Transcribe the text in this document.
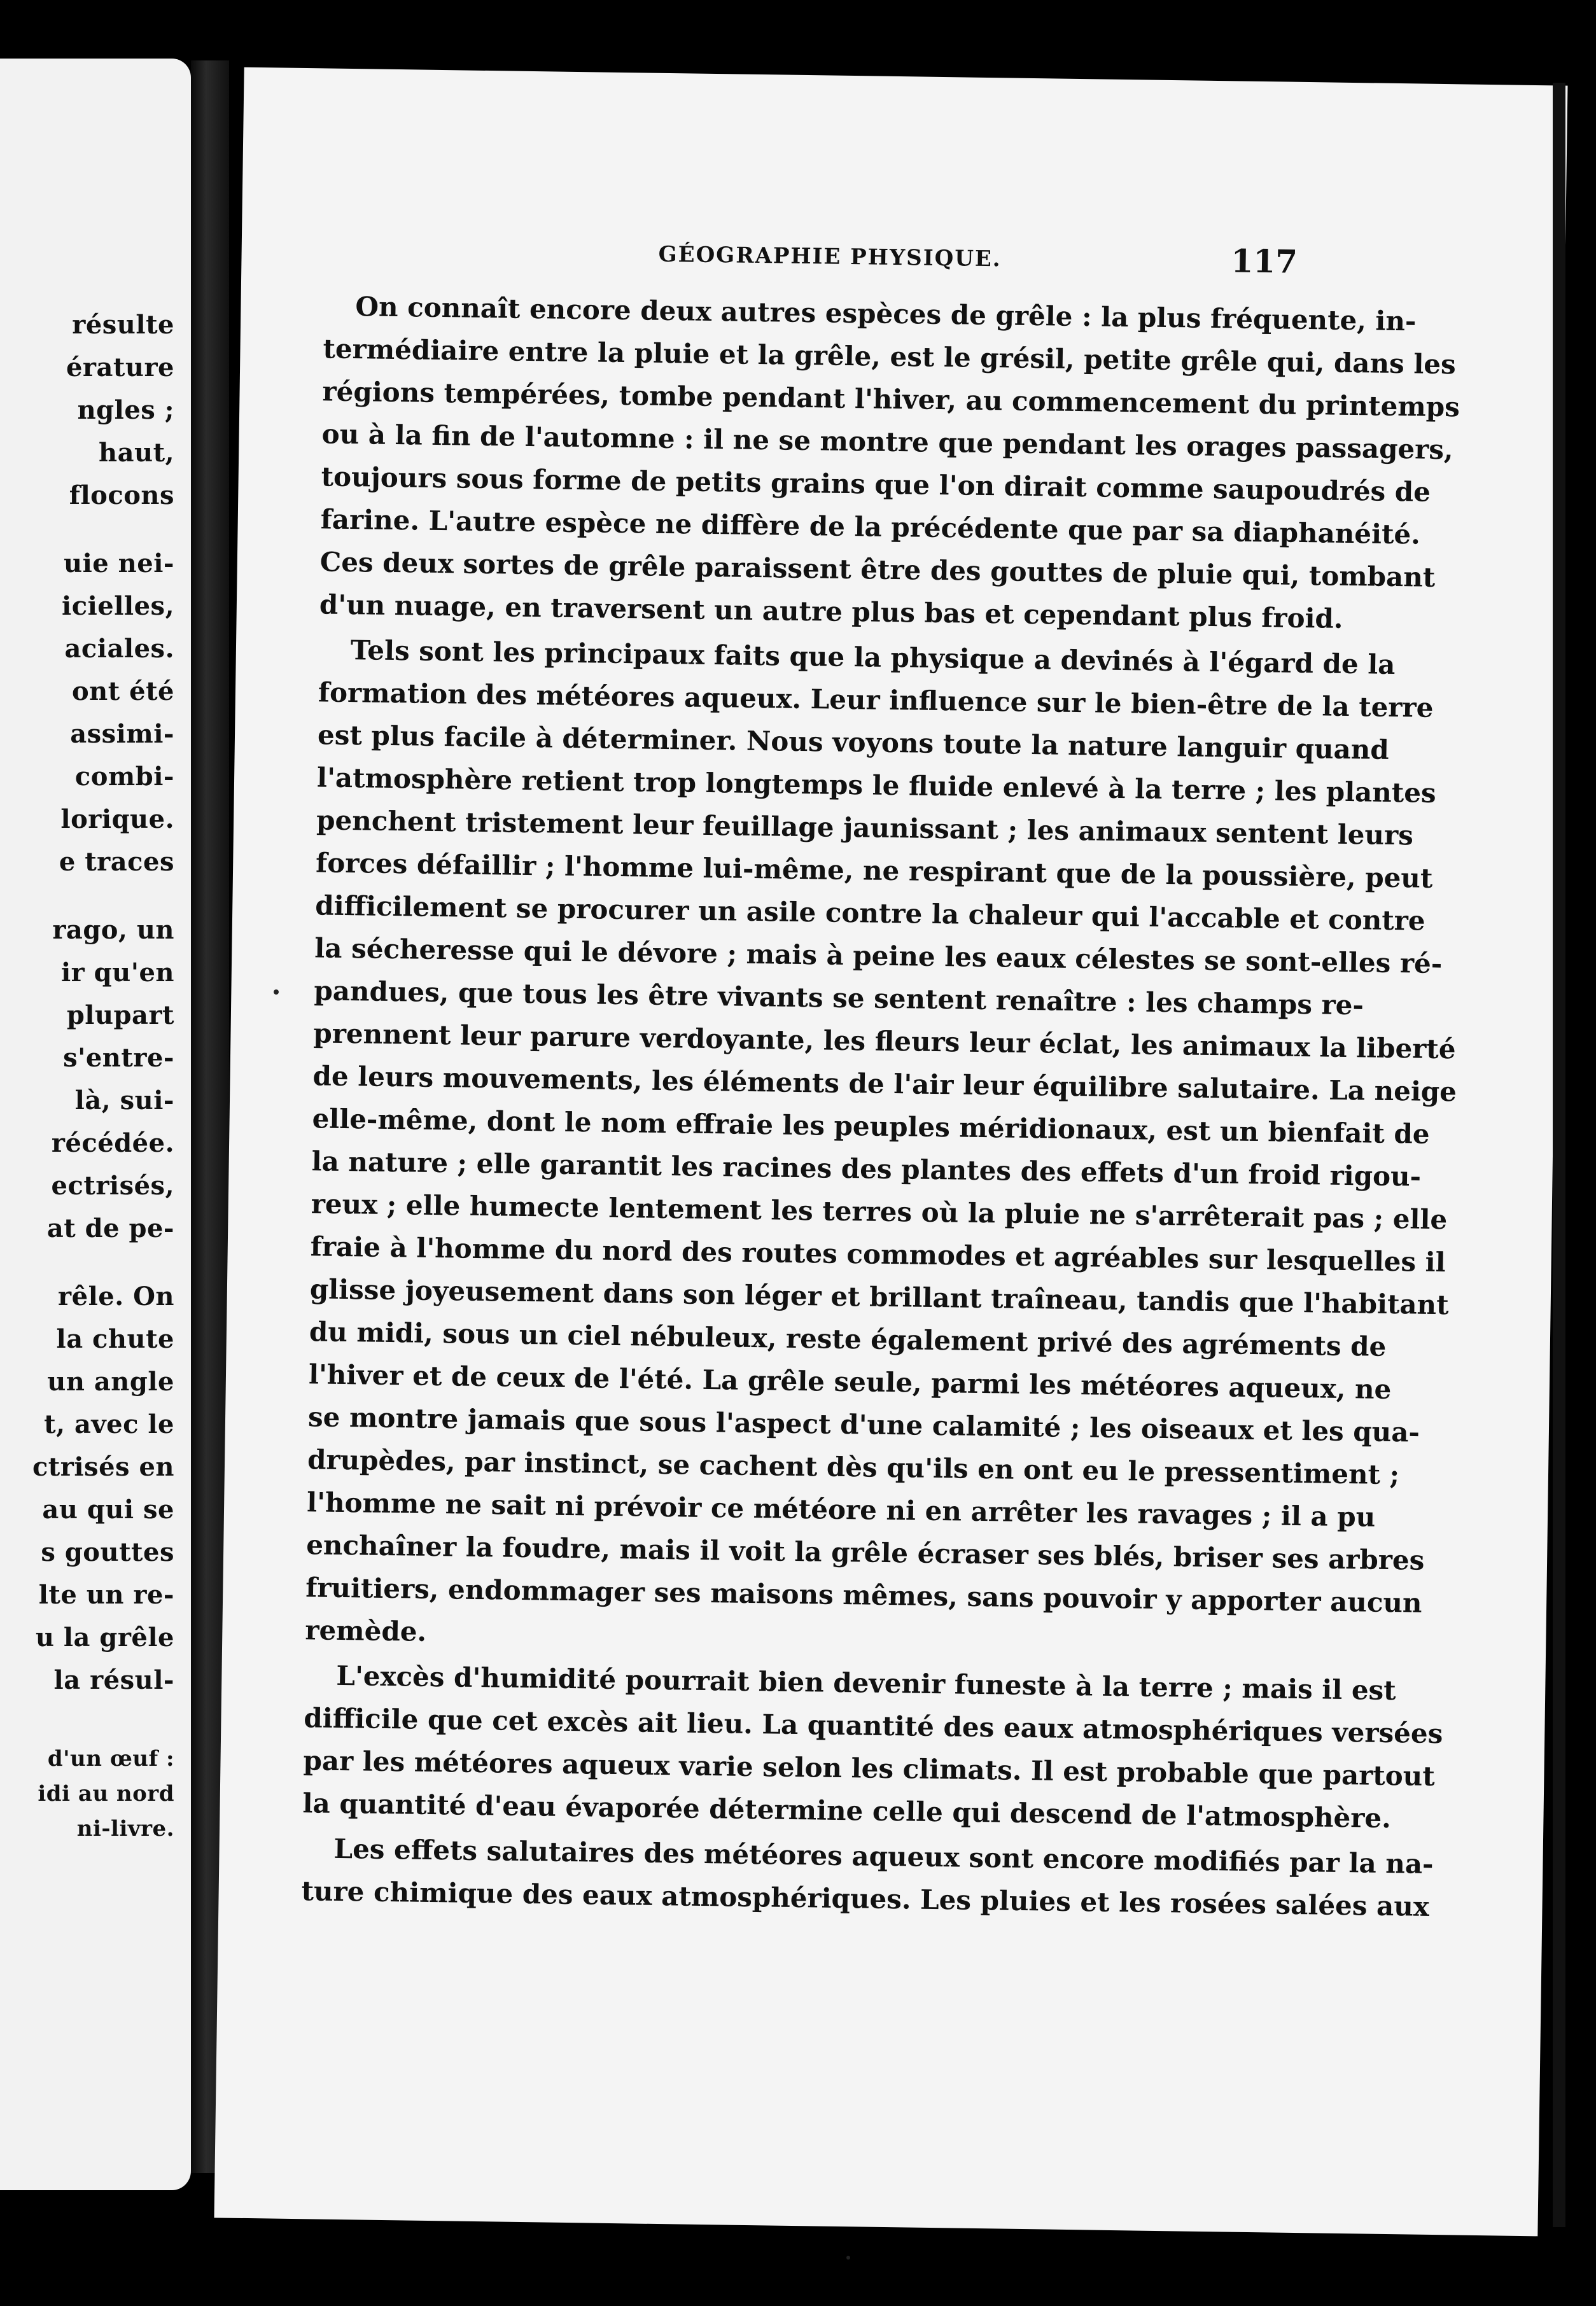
résulte
érature
ngles ;
haut,
flocons
uie nei-
icielles,
aciales.
ont été
assimi-
combi-
lorique.
e traces
rago, un
ir qu'en
plupart
s'entre-
là, sui-
récédée.
ectrisés,
at de pe-
rêle. On
la chute
un angle
t, avec le
ctrisés en
au qui se
s gouttes
lte un re-
u la grêle
la résul-
d'un œuf :
idi au nord
ni-livre.
GÉOGRAPHIE PHYSIQUE.	117
On connaît encore deux autres espèces de grêle : la plus fréquente, in-
termédiaire entre la pluie et la grêle, est le grésil, petite grêle qui, dans les
régions tempérées, tombe pendant l'hiver, au commencement du printemps
ou à la fin de l'automne : il ne se montre que pendant les orages passagers,
toujours sous forme de petits grains que l'on dirait comme saupoudrés de
farine. L'autre espèce ne diffère de la précédente que par sa diaphanéité.
Ces deux sortes de grêle paraissent être des gouttes de pluie qui, tombant
d'un nuage, en traversent un autre plus bas et cependant plus froid.
Tels sont les principaux faits que la physique a devinés à l'égard de la
formation des météores aqueux. Leur influence sur le bien-être de la terre
est plus facile à déterminer. Nous voyons toute la nature languir quand
l'atmosphère retient trop longtemps le fluide enlevé à la terre ; les plantes
penchent tristement leur feuillage jaunissant ; les animaux sentent leurs
forces défaillir ; l'homme lui-même, ne respirant que de la poussière, peut
difficilement se procurer un asile contre la chaleur qui l'accable et contre
la sécheresse qui le dévore ; mais à peine les eaux célestes se sont-elles ré-
pandues, que tous les être vivants se sentent renaître : les champs re-
prennent leur parure verdoyante, les fleurs leur éclat, les animaux la liberté
de leurs mouvements, les éléments de l'air leur équilibre salutaire. La neige
elle-même, dont le nom effraie les peuples méridionaux, est un bienfait de
la nature ; elle garantit les racines des plantes des effets d'un froid rigou-
reux ; elle humecte lentement les terres où la pluie ne s'arrêterait pas ; elle
fraie à l'homme du nord des routes commodes et agréables sur lesquelles il
glisse joyeusement dans son léger et brillant traîneau, tandis que l'habitant
du midi, sous un ciel nébuleux, reste également privé des agréments de
l'hiver et de ceux de l'été. La grêle seule, parmi les météores aqueux, ne
se montre jamais que sous l'aspect d'une calamité ; les oiseaux et les qua-
drupèdes, par instinct, se cachent dès qu'ils en ont eu le pressentiment ;
l'homme ne sait ni prévoir ce météore ni en arrêter les ravages ; il a pu
enchaîner la foudre, mais il voit la grêle écraser ses blés, briser ses arbres
fruitiers, endommager ses maisons mêmes, sans pouvoir y apporter aucun
remède.
L'excès d'humidité pourrait bien devenir funeste à la terre ; mais il est
difficile que cet excès ait lieu. La quantité des eaux atmosphériques versées
par les météores aqueux varie selon les climats. Il est probable que partout
la quantité d'eau évaporée détermine celle qui descend de l'atmosphère.
Les effets salutaires des météores aqueux sont encore modifiés par la na-
ture chimique des eaux atmosphériques. Les pluies et les rosées salées aux
